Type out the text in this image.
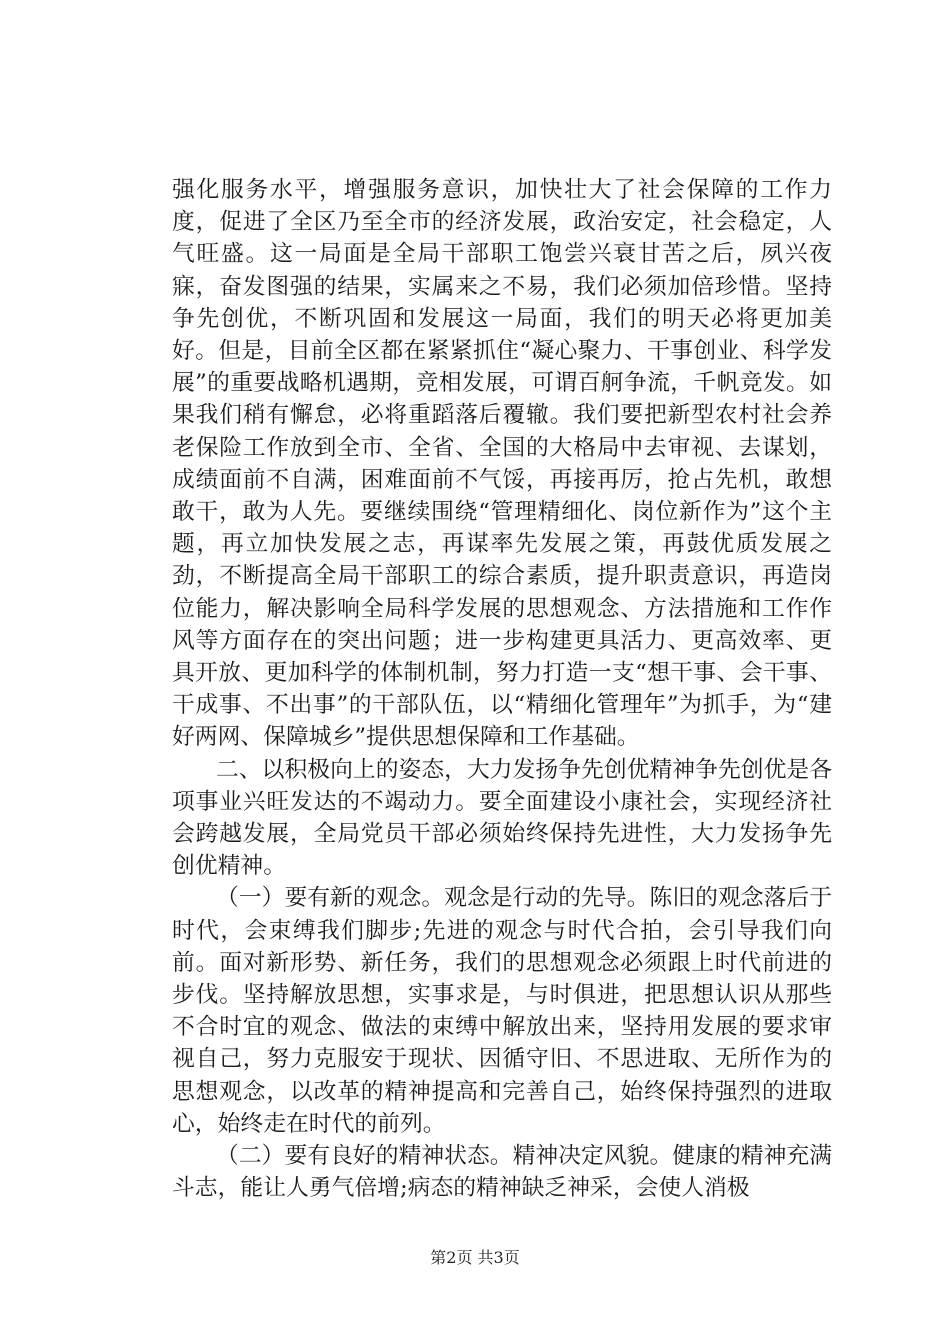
强化服务水平，增强服务意识，加快壮大了社会保障的工作力度，促进了全区乃至全市的经济发展，政治安定，社会稳定，人气旺盛。这一局面是全局干部职工饱尝兴衰甘苦之后，夙兴夜寐，奋发图强的结果，实属来之不易，我们必须加倍珍惜。坚持争先创优，不断巩固和发展这一局面，我们的明天必将更加美好。但是，目前全区都在紧紧抓住“凝心聚力、干事创业、科学发展”的重要战略机遇期，竞相发展，可谓百舸争流，千帆竞发。如果我们稍有懈怠，必将重蹈落后覆辙。我们要把新型农村社会养老保险工作放到全市、全省、全国的大格局中去审视、去谋划，成绩面前不自满，困难面前不气馁，再接再厉，抢占先机，敢想敢干，敢为人先。要继续围绕“管理精细化、岗位新作为”这个主题，再立加快发展之志，再谋率先发展之策，再鼓优质发展之劲，不断提高全局干部职工的综合素质，提升职责意识，再造岗位能力，解决影响全局科学发展的思想观念、方法措施和工作作风等方面存在的突出问题；进一步构建更具活力、更高效率、更具开放、更加科学的体制机制，努力打造一支“想干事、会干事、干成事、不出事”的干部队伍，以“精细化管理年”为抓手，为“建好两网、保障城乡”提供思想保障和工作基础。

二、以积极向上的姿态，大力发扬争先创优精神争先创优是各项事业兴旺发达的不竭动力。要全面建设小康社会，实现经济社会跨越发展，全局党员干部必须始终保持先进性，大力发扬争先创优精神。

（一）要有新的观念。观念是行动的先导。陈旧的观念落后于时代，会束缚我们脚步;先进的观念与时代合拍，会引导我们向前。面对新形势、新任务，我们的思想观念必须跟上时代前进的步伐。坚持解放思想，实事求是，与时俱进，把思想认识从那些不合时宜的观念、做法的束缚中解放出来，坚持用发展的要求审视自己，努力克服安于现状、因循守旧、不思进取、无所作为的思想观念，以改革的精神提高和完善自己，始终保持强烈的进取心，始终走在时代的前列。

（二）要有良好的精神状态。精神决定风貌。健康的精神充满斗志，能让人勇气倍增;病态的精神缺乏神采，会使人消极

第2页 共3页
